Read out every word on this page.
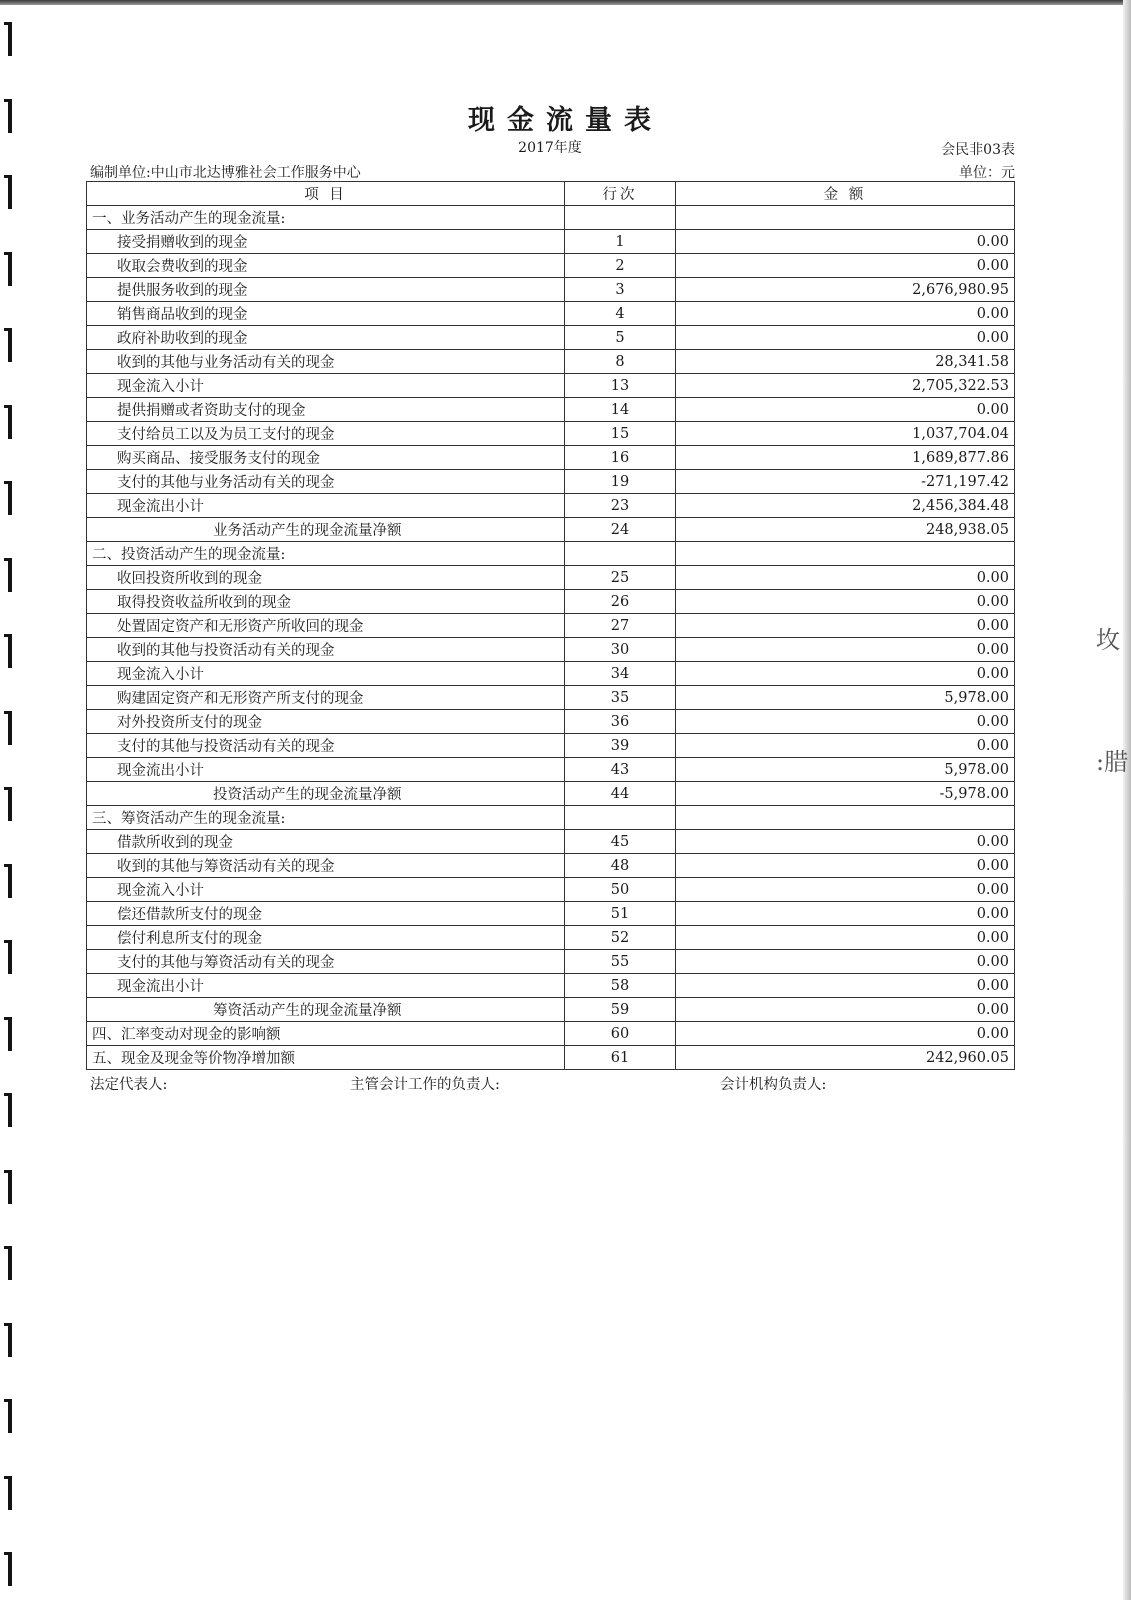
现金流量表
2017年度	会民非03表
编制单位:中山市北达博雅社会工作服务中心	单位：元
项 目	行次	金 额
一、业务活动产生的现金流量:		
接受捐赠收到的现金	1	0.00
收取会费收到的现金	2	0.00
提供服务收到的现金	3	2,676,980.95
销售商品收到的现金	4	0.00
政府补助收到的现金	5	0.00
收到的其他与业务活动有关的现金	8	28,341.58
现金流入小计	13	2,705,322.53
提供捐赠或者资助支付的现金	14	0.00
支付给员工以及为员工支付的现金	15	1,037,704.04
购买商品、接受服务支付的现金	16	1,689,877.86
支付的其他与业务活动有关的现金	19	-271,197.42
现金流出小计	23	2,456,384.48
业务活动产生的现金流量净额	24	248,938.05
二、投资活动产生的现金流量:		
收回投资所收到的现金	25	0.00
取得投资收益所收到的现金	26	0.00
处置固定资产和无形资产所收回的现金	27	0.00
收到的其他与投资活动有关的现金	30	0.00
现金流入小计	34	0.00
购建固定资产和无形资产所支付的现金	35	5,978.00
对外投资所支付的现金	36	0.00
支付的其他与投资活动有关的现金	39	0.00
现金流出小计	43	5,978.00
投资活动产生的现金流量净额	44	-5,978.00
三、筹资活动产生的现金流量:		
借款所收到的现金	45	0.00
收到的其他与筹资活动有关的现金	48	0.00
现金流入小计	50	0.00
偿还借款所支付的现金	51	0.00
偿付利息所支付的现金	52	0.00
支付的其他与筹资活动有关的现金	55	0.00
现金流出小计	58	0.00
筹资活动产生的现金流量净额	59	0.00
四、汇率变动对现金的影响额	60	0.00
五、现金及现金等价物净增加额	61	242,960.05
法定代表人:	主管会计工作的负责人:	会计机构负责人:
坆
:腊
